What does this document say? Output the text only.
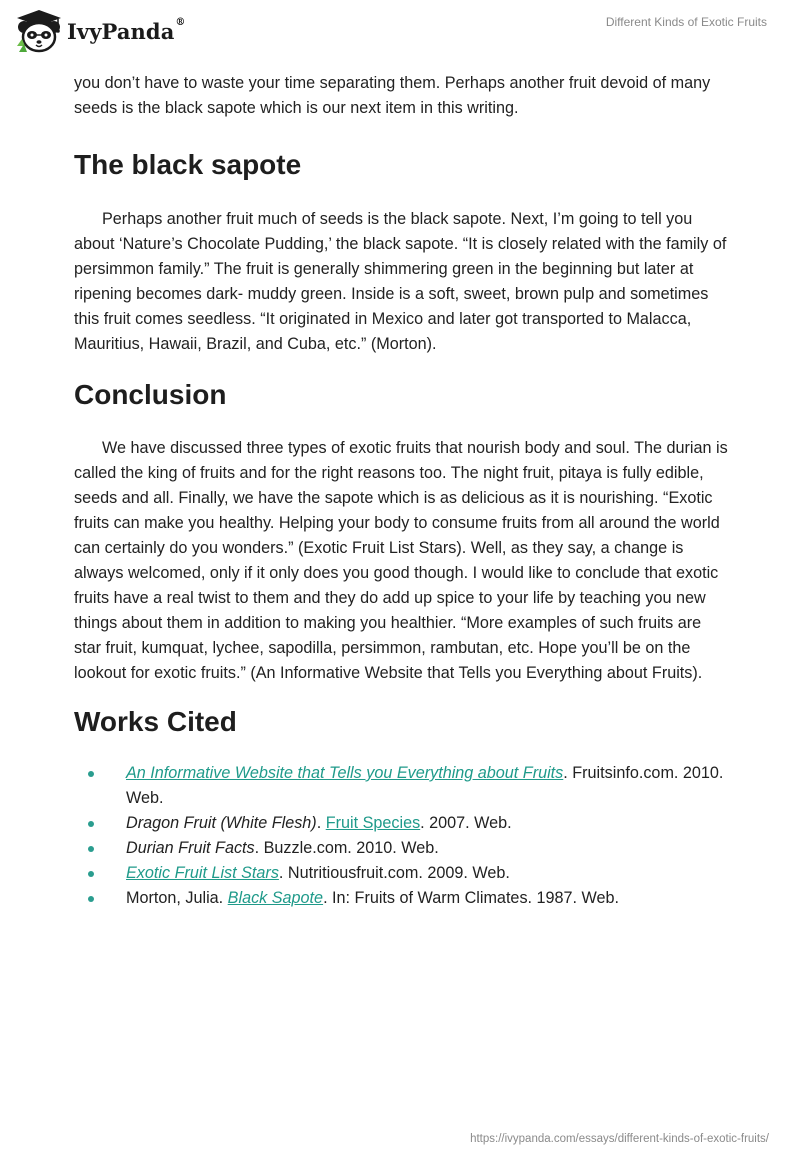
IvyPanda®	Different Kinds of Exotic Fruits

you don’t have to waste your time separating them. Perhaps another fruit devoid of many seeds is the black sapote which is our next item in this writing.

The black sapote

Perhaps another fruit much of seeds is the black sapote. Next, I’m going to tell you about ‘Nature’s Chocolate Pudding,’ the black sapote. “It is closely related with the family of persimmon family.” The fruit is generally shimmering green in the beginning but later at ripening becomes dark- muddy green. Inside is a soft, sweet, brown pulp and sometimes this fruit comes seedless. “It originated in Mexico and later got transported to Malacca, Mauritius, Hawaii, Brazil, and Cuba, etc.” (Morton).

Conclusion

We have discussed three types of exotic fruits that nourish body and soul. The durian is called the king of fruits and for the right reasons too. The night fruit, pitaya is fully edible, seeds and all. Finally, we have the sapote which is as delicious as it is nourishing. “Exotic fruits can make you healthy. Helping your body to consume fruits from all around the world can certainly do you wonders.” (Exotic Fruit List Stars). Well, as they say, a change is always welcomed, only if it only does you good though. I would like to conclude that exotic fruits have a real twist to them and they do add up spice to your life by teaching you new things about them in addition to making you healthier. “More examples of such fruits are star fruit, kumquat, lychee, sapodilla, persimmon, rambutan, etc. Hope you’ll be on the lookout for exotic fruits.” (An Informative Website that Tells you Everything about Fruits).

Works Cited
An Informative Website that Tells you Everything about Fruits. Fruitsinfo.com. 2010. Web.
Dragon Fruit (White Flesh). Fruit Species. 2007. Web.
Durian Fruit Facts. Buzzle.com. 2010. Web.
Exotic Fruit List Stars. Nutritiousfruit.com. 2009. Web.
Morton, Julia. Black Sapote. In: Fruits of Warm Climates. 1987. Web.
https://ivypanda.com/essays/different-kinds-of-exotic-fruits/
